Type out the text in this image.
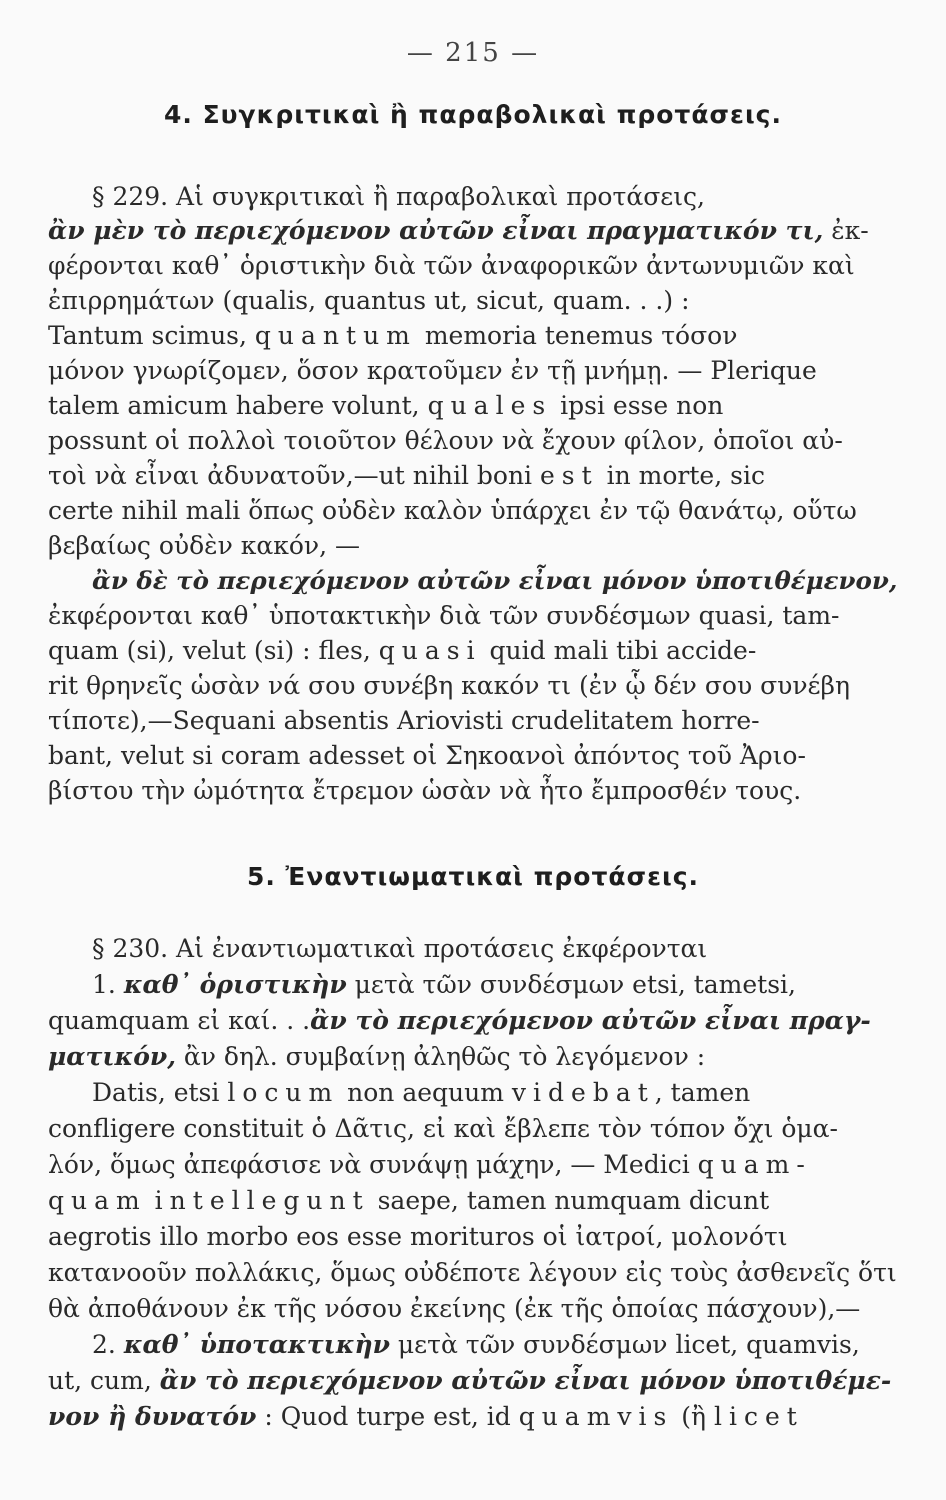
— 215 —
4. Συγκριτικαὶ ἢ παραβολικαὶ προτάσεις.
§ 229. Αἱ συγκριτικαὶ ἢ παραβολικαὶ προτάσεις,
ἂν μὲν τὸ περιεχόμενον αὐτῶν εἶναι πραγματικόν τι, ἐκ-
φέρονται καθ᾽ ὁριστικὴν διὰ τῶν ἀναφορικῶν ἀντωνυμιῶν καὶ
ἐπιρρημάτων (qualis, quantus ut, sicut, quam. . .) :
Tantum scimus, quantum memoria tenemus τόσον
μόνον γνωρίζομεν, ὅσον κρατοῦμεν ἐν τῇ μνήμῃ. — Plerique
talem amicum habere volunt, quales ipsi esse non
possunt οἱ πολλοὶ τοιοῦτον θέλουν νὰ ἔχουν φίλον, ὁποῖοι αὐ-
τοὶ νὰ εἶναι ἀδυνατοῦν,—ut nihil boni est in morte, sic
certe nihil mali ὅπως οὐδὲν καλὸν ὑπάρχει ἐν τῷ θανάτῳ, οὕτω
βεβαίως οὐδὲν κακόν, —
ἂν δὲ τὸ περιεχόμενον αὐτῶν εἶναι μόνον ὑποτιθέμενον,
ἐκφέρονται καθ᾽ ὑποτακτικὴν διὰ τῶν συνδέσμων quasi, tam-
quam (si), velut (si) : fles, quasi quid mali tibi accide-
rit θρηνεῖς ὡσὰν νά σου συνέβη κακόν τι (ἐν ᾧ δέν σου συνέβη
τίποτε),—Sequani absentis Ariovisti crudelitatem horre-
bant, velut si coram adesset οἱ Σηκοανοὶ ἀπόντος τοῦ Ἀριο-
βίστου τὴν ὠμότητα ἔτρεμον ὡσὰν νὰ ἦτο ἔμπροσθέν τους.
5. Ἐναντιωματικαὶ προτάσεις.
§ 230. Αἱ ἐναντιωματικαὶ προτάσεις ἐκφέρονται
1. καθ᾽ ὁριστικὴν μετὰ τῶν συνδέσμων etsi, tametsi,
quamquam εἰ καί. . .ἂν τὸ περιεχόμενον αὐτῶν εἶναι πραγ-
ματικόν, ἂν δηλ. συμβαίνῃ ἀληθῶς τὸ λεγόμενον :
Datis, etsi locum non aequum videbat, tamen
confligere constituit ὁ Δᾶτις, εἰ καὶ ἔβλεπε τὸν τόπον ὄχι ὁμα-
λόν, ὅμως ἀπεφάσισε νὰ συνάψῃ μάχην, — Medici quam-
quam intellegunt saepe, tamen numquam dicunt
aegrotis illo morbo eos esse morituros οἱ ἰατροί, μολονότι
κατανοοῦν πολλάκις, ὅμως οὐδέποτε λέγουν εἰς τοὺς ἀσθενεῖς ὅτι
θὰ ἀποθάνουν ἐκ τῆς νόσου ἐκείνης (ἐκ τῆς ὁποίας πάσχουν),—
2. καθ᾽ ὑποτακτικὴν μετὰ τῶν συνδέσμων licet, quamvis,
ut, cum, ἂν τὸ περιεχόμενον αὐτῶν εἶναι μόνον ὑποτιθέμε-
νον ἢ δυνατόν : Quod turpe est, id quamvis (ἢ licet
